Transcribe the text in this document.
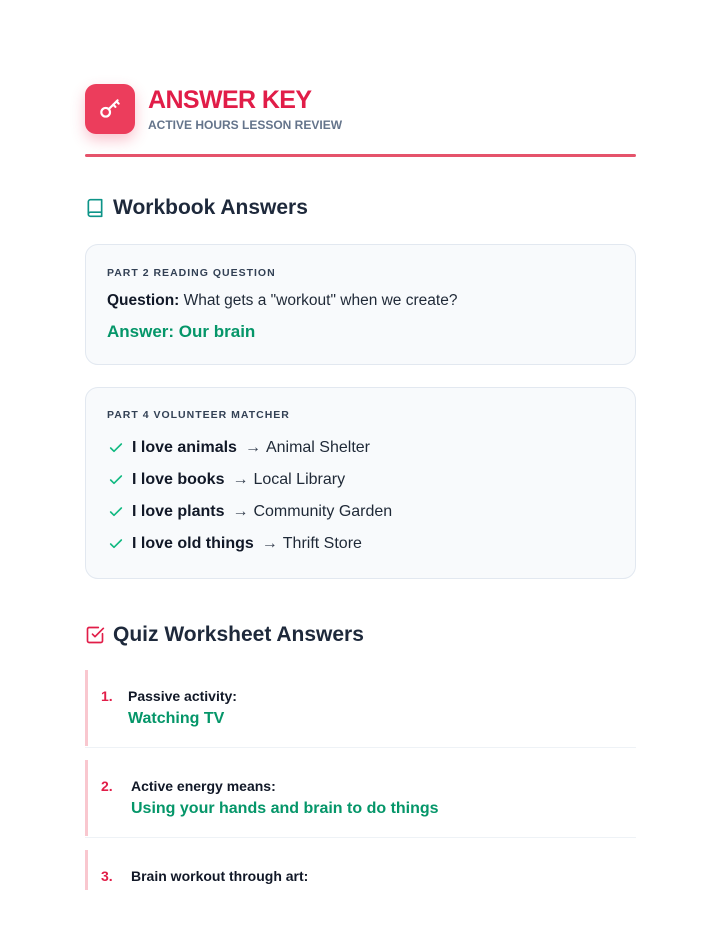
ANSWER KEY
ACTIVE HOURS LESSON REVIEW
Workbook Answers
PART 2 READING QUESTION
Question: What gets a "workout" when we create?
Answer: Our brain
PART 4 VOLUNTEER MATCHER
I love animals → Animal Shelter
I love books → Local Library
I love plants → Community Garden
I love old things → Thrift Store
Quiz Worksheet Answers
1. Passive activity:
Watching TV
2. Active energy means:
Using your hands and brain to do things
3. Brain workout through art:
